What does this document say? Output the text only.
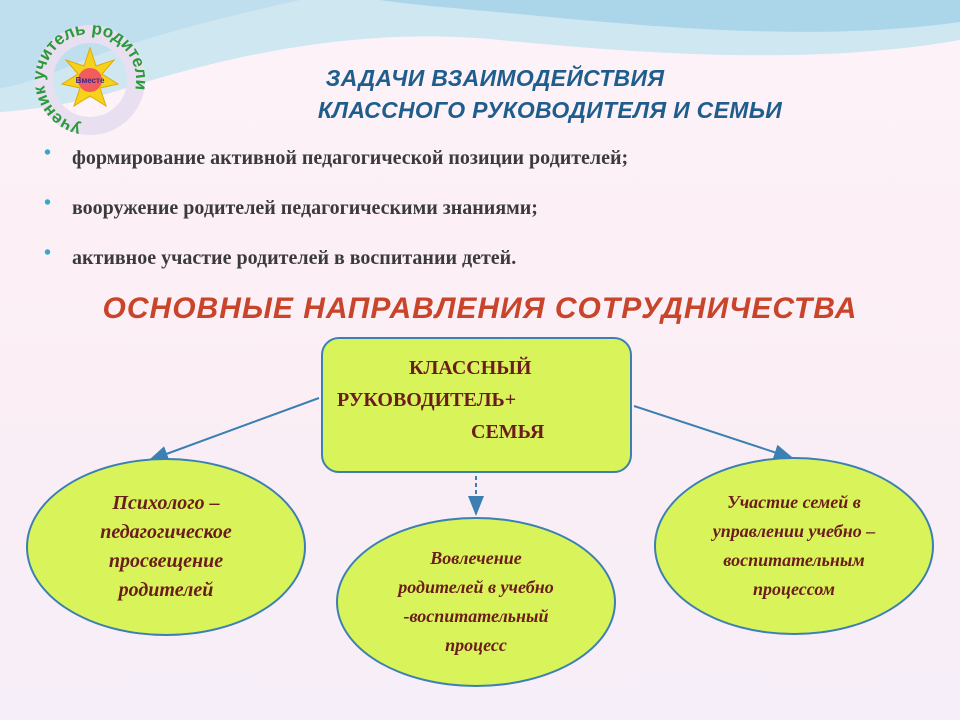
ученик учитель родители
Вместе	ЗАДАЧИ ВЗАИМОДЕЙСТВИЯ
КЛАССНОГО РУКОВОДИТЕЛЯ И СЕМЬИ
• формирование активной педагогической позиции родителей;
• вооружение родителей педагогическими знаниями;
• активное участие родителей в воспитании детей.
ОСНОВНЫЕ НАПРАВЛЕНИЯ СОТРУДНИЧЕСТВА
КЛАССНЫЙ
РУКОВОДИТЕЛЬ+
СЕМЬЯ
Психолого –
педагогическое
просвещение
родителей
Вовлечение
родителей в учебно
-воспитательный
процесс
Участие семей в
управлении учебно –
воспитательным
процессом
